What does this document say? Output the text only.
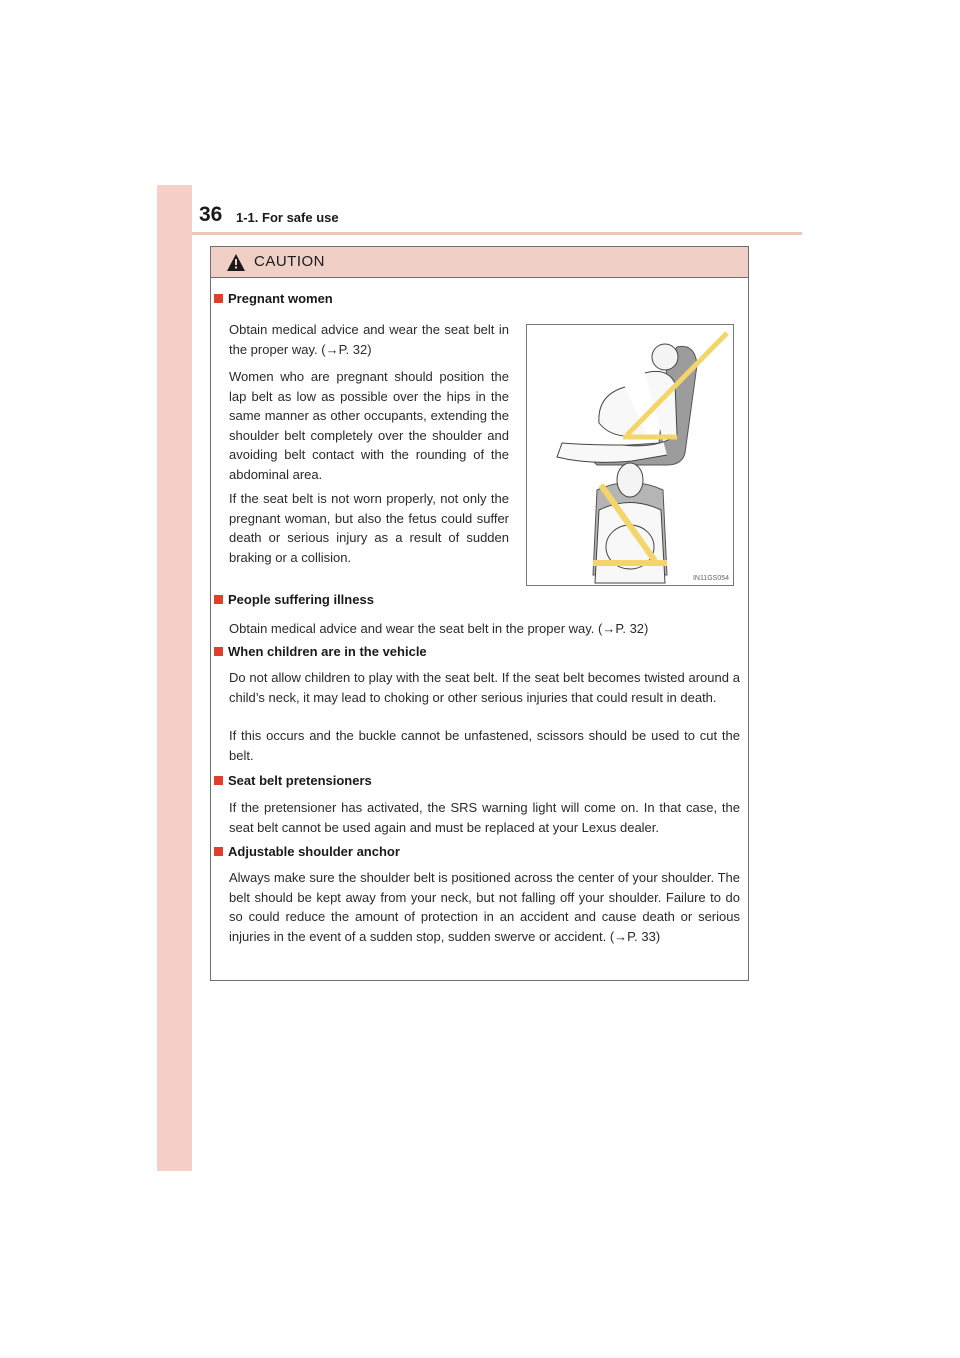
36 1-1. For safe use
CAUTION
Pregnant women
Obtain medical advice and wear the seat belt in the proper way. (→P. 32)
Women who are pregnant should position the lap belt as low as possible over the hips in the same manner as other occupants, extending the shoulder belt completely over the shoulder and avoiding belt contact with the rounding of the abdominal area.
If the seat belt is not worn properly, not only the pregnant woman, but also the fetus could suffer death or serious injury as a result of sudden braking or a collision.
IN11GS054
People suffering illness
Obtain medical advice and wear the seat belt in the proper way. (→P. 32)
When children are in the vehicle
Do not allow children to play with the seat belt. If the seat belt becomes twisted around a child’s neck, it may lead to choking or other serious injuries that could result in death.
If this occurs and the buckle cannot be unfastened, scissors should be used to cut the belt.
Seat belt pretensioners
If the pretensioner has activated, the SRS warning light will come on. In that case, the seat belt cannot be used again and must be replaced at your Lexus dealer.
Adjustable shoulder anchor
Always make sure the shoulder belt is positioned across the center of your shoulder. The belt should be kept away from your neck, but not falling off your shoulder. Failure to do so could reduce the amount of protection in an accident and cause death or serious injuries in the event of a sudden stop, sudden swerve or accident. (→P. 33)
